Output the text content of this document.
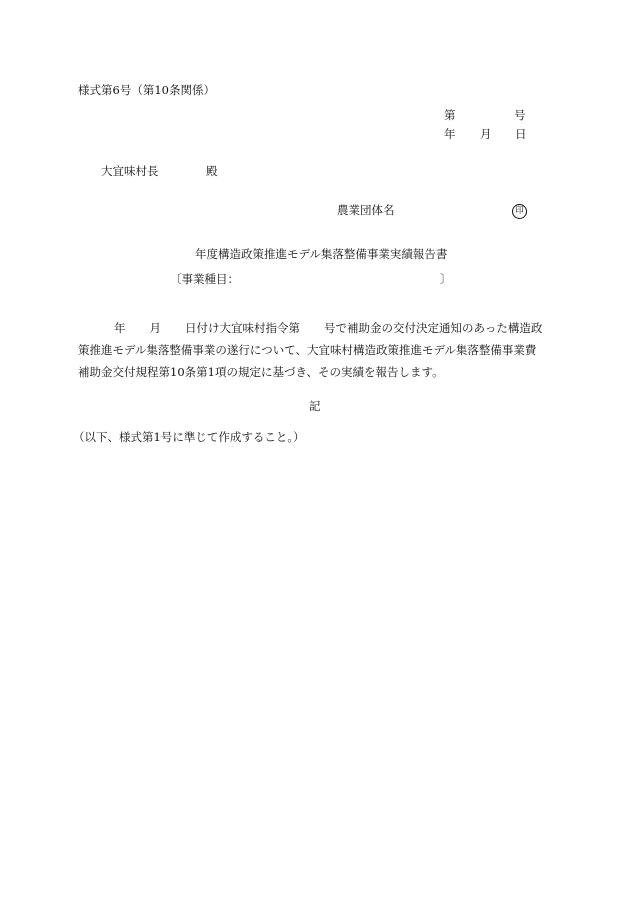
様式第6号（第10条関係）
第	号
年 月 日
大宜味村長	殿
農業団体名	印
年度構造政策推進モデル集落整備事業実績報告書
〔事業種目：	〕
年 月 日付け大宜味村指令第 号で補助金の交付決定通知のあった構造政
策推進モデル集落整備事業の遂行について、大宜味村構造政策推進モデル集落整備事業費
補助金交付規程第10条第1項の規定に基づき、その実績を報告します。
記
（以下、様式第1号に準じて作成すること。）
